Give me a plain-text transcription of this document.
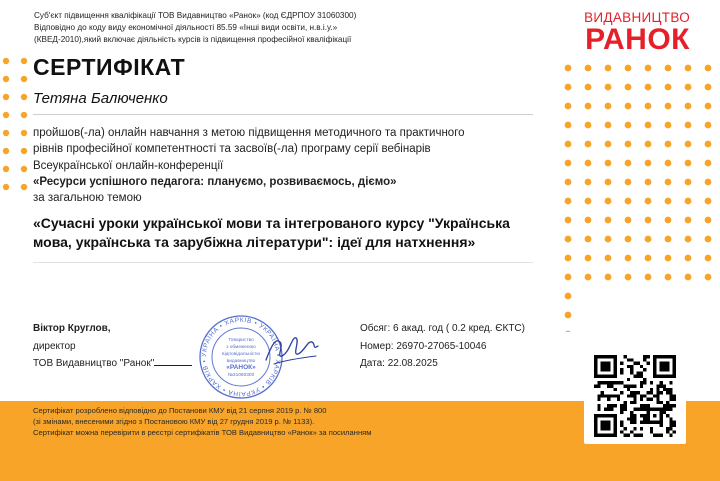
Суб'єкт підвищення кваліфікації ТОВ Видавництво «Ранок» (код ЄДРПОУ 31060300)
Відповідно до коду виду економічної діяльності 85.59 «Інші види освіти, н.в.і.у.»
(КВЕД-2010),який включає діяльність курсів із підвищення професійної кваліфікації
ВИДАВНИЦТВО
РАНОК
СЕРТИФІКАТ
Тетяна Балюченко
пройшов(-ла) онлайн навчання з метою підвищення методичного та практичного
рівнів професійної компетентності та засвоїв(-ла) програму серії вебінарів
Всеукраїнської онлайн-конференції
«Ресурси успішного педагога: плануємо, розвиваємось, діємо»
за загальною темою
«Сучасні уроки української мови та інтегрованого курсу "Українська мова, українська та зарубіжна літератури": ідеї для натхнення»
Віктор Круглов,
директор
ТОВ Видавництво "Ранок"
УКРАЇНА • ХАРКІВ • УКРАЇНА • ХАРКІВ • УКРАЇНА • ХАРКІВ •
Товариство
з обмеженою
відповідальністю
видавництво
«РАНОК»
№31060300
Обсяг: 6 акад. год ( 0.2 кред. ЄКТС)
Номер: 26970-27065-10046
Дата: 22.08.2025
Сертифікат розроблено відповідно до Постанови КМУ від 21 серпня 2019 р. № 800
(зі змінами, внесеними згідно з Постановою КМУ від 27 грудня 2019 р. № 1133).
Сертифікат можна перевірити в реєстрі сертифікатів ТОВ Видавництво «Ранок» за посиланням
